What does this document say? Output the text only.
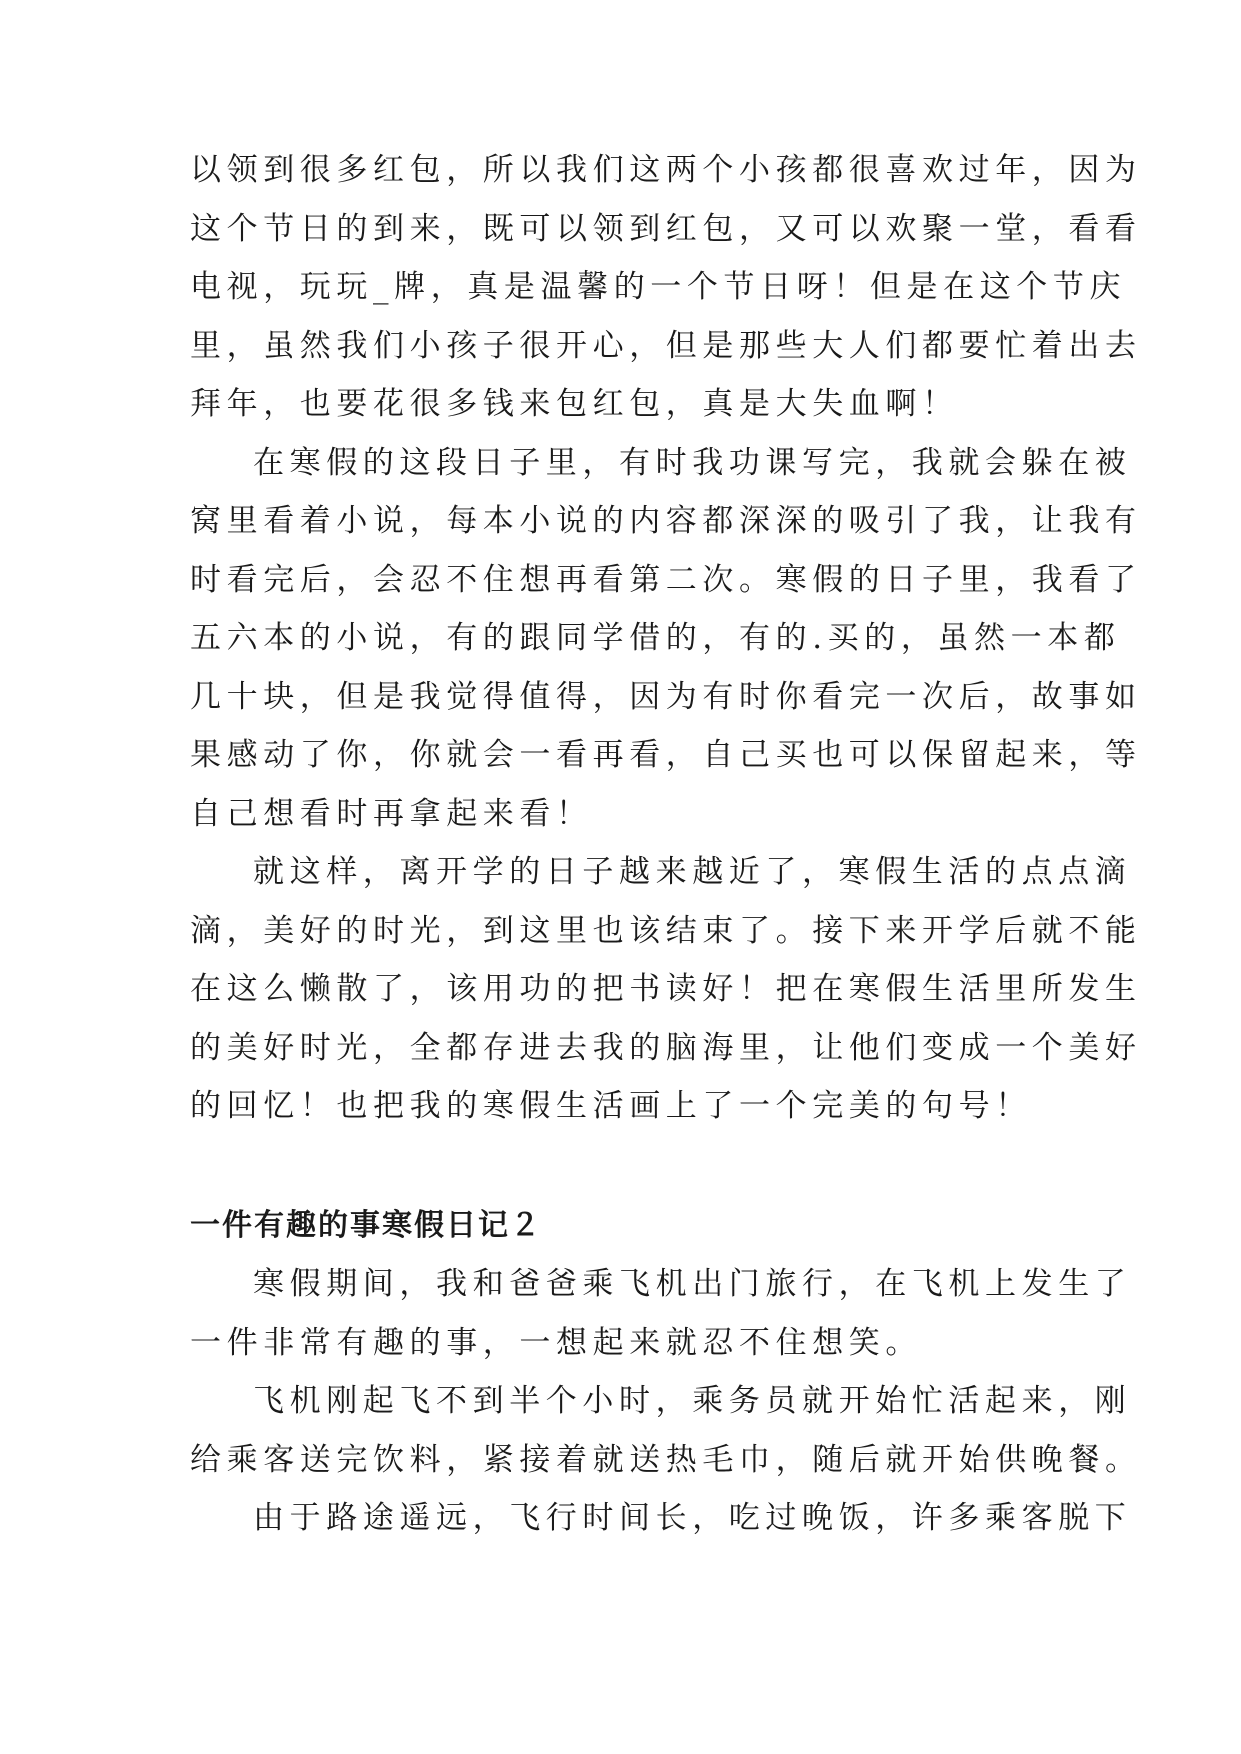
以领到很多红包，所以我们这两个小孩都很喜欢过年，因为
这个节日的到来，既可以领到红包，又可以欢聚一堂，看看
电视，玩玩_牌，真是温馨的一个节日呀！但是在这个节庆
里，虽然我们小孩子很开心，但是那些大人们都要忙着出去
拜年，也要花很多钱来包红包，真是大失血啊！

在寒假的这段日子里，有时我功课写完，我就会躲在被
窝里看着小说，每本小说的内容都深深的吸引了我，让我有
时看完后，会忍不住想再看第二次。寒假的日子里，我看了
五六本的小说，有的跟同学借的，有的.买的，虽然一本都
几十块，但是我觉得值得，因为有时你看完一次后，故事如
果感动了你，你就会一看再看，自己买也可以保留起来，等
自己想看时再拿起来看！

就这样，离开学的日子越来越近了，寒假生活的点点滴
滴，美好的时光，到这里也该结束了。接下来开学后就不能
在这么懒散了，该用功的把书读好！把在寒假生活里所发生
的美好时光，全都存进去我的脑海里，让他们变成一个美好
的回忆！也把我的寒假生活画上了一个完美的句号！

一件有趣的事寒假日记２

寒假期间，我和爸爸乘飞机出门旅行，在飞机上发生了
一件非常有趣的事，一想起来就忍不住想笑。

飞机刚起飞不到半个小时，乘务员就开始忙活起来，刚
给乘客送完饮料，紧接着就送热毛巾，随后就开始供晚餐。

由于路途遥远，飞行时间长，吃过晚饭，许多乘客脱下
